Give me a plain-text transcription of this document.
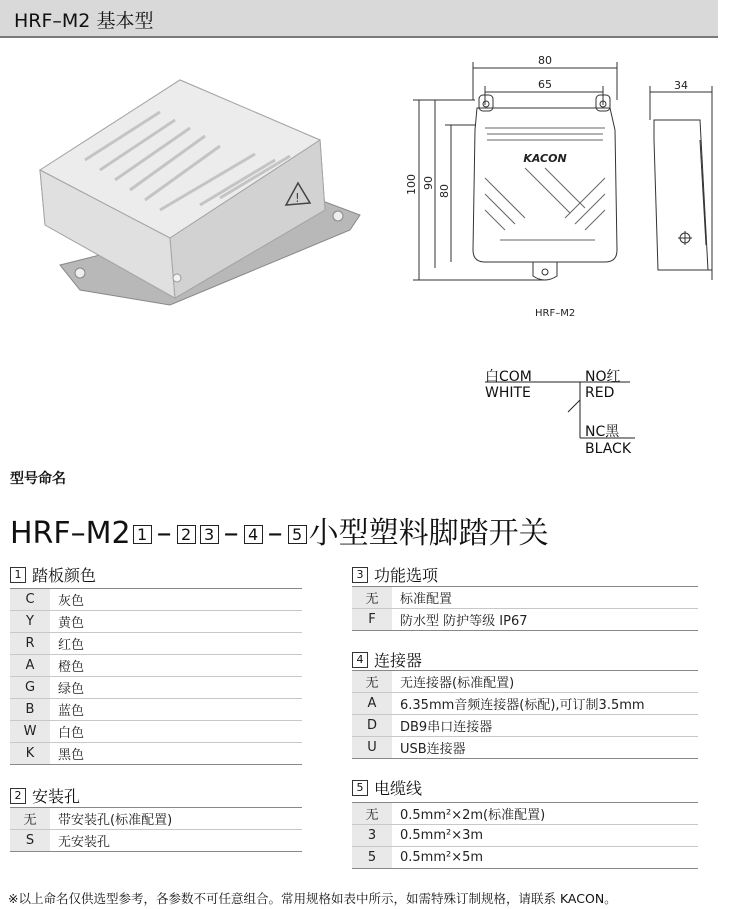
HRF–M2 基本型
!
80
65
100 90
80
KACON
34
HRF–M2
白COM
WHITE
NO红
RED
NC黑
BLACK
型号命名
HRF–M2 1 – 2 3 – 4 – 5 小型塑料脚踏开关
1 踏板颜色
C	灰色
Y	黄色
R	红色
A	橙色
G	绿色
B	蓝色
W	白色
K	黑色
2 安装孔
无	带安装孔(标准配置)
S	无安装孔
3 功能选项
无	标准配置
F	防水型 防护等级 IP67
4 连接器
无	无连接器(标准配置)
A	6.35mm音频连接器(标配),可订制3.5mm
D	DB9串口连接器
U	USB连接器
5 电缆线
无	0.5mm²×2m(标准配置)
3	0.5mm²×3m
5	0.5mm²×5m
※以上命名仅供选型参考，各参数不可任意组合。常用规格如表中所示，如需特殊订制规格，请联系 KACON。
